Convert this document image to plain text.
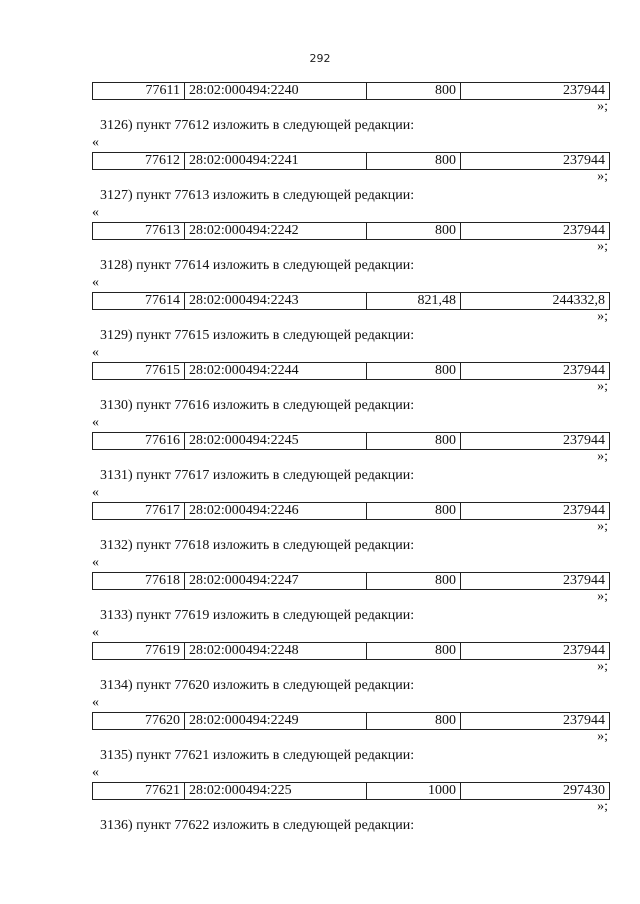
292
77611 28:02:000494:2240	800	237944
»;
3126) пункт 77612 изложить в следующей редакции:
«
77612 28:02:000494:2241	800	237944
»;
3127) пункт 77613 изложить в следующей редакции:
«
77613 28:02:000494:2242	800	237944
»;
3128) пункт 77614 изложить в следующей редакции:
«
77614 28:02:000494:2243	821,48	244332,8
»;
3129) пункт 77615 изложить в следующей редакции:
«
77615 28:02:000494:2244	800	237944
»;
3130) пункт 77616 изложить в следующей редакции:
«
77616 28:02:000494:2245	800	237944
»;
3131) пункт 77617 изложить в следующей редакции:
«
77617 28:02:000494:2246	800	237944
»;
3132) пункт 77618 изложить в следующей редакции:
«
77618 28:02:000494:2247	800	237944
»;
3133) пункт 77619 изложить в следующей редакции:
«
77619 28:02:000494:2248	800	237944
»;
3134) пункт 77620 изложить в следующей редакции:
«
77620 28:02:000494:2249	800	237944
»;
3135) пункт 77621 изложить в следующей редакции:
«
77621 28:02:000494:225	1000	297430
»;
3136) пункт 77622 изложить в следующей редакции:
